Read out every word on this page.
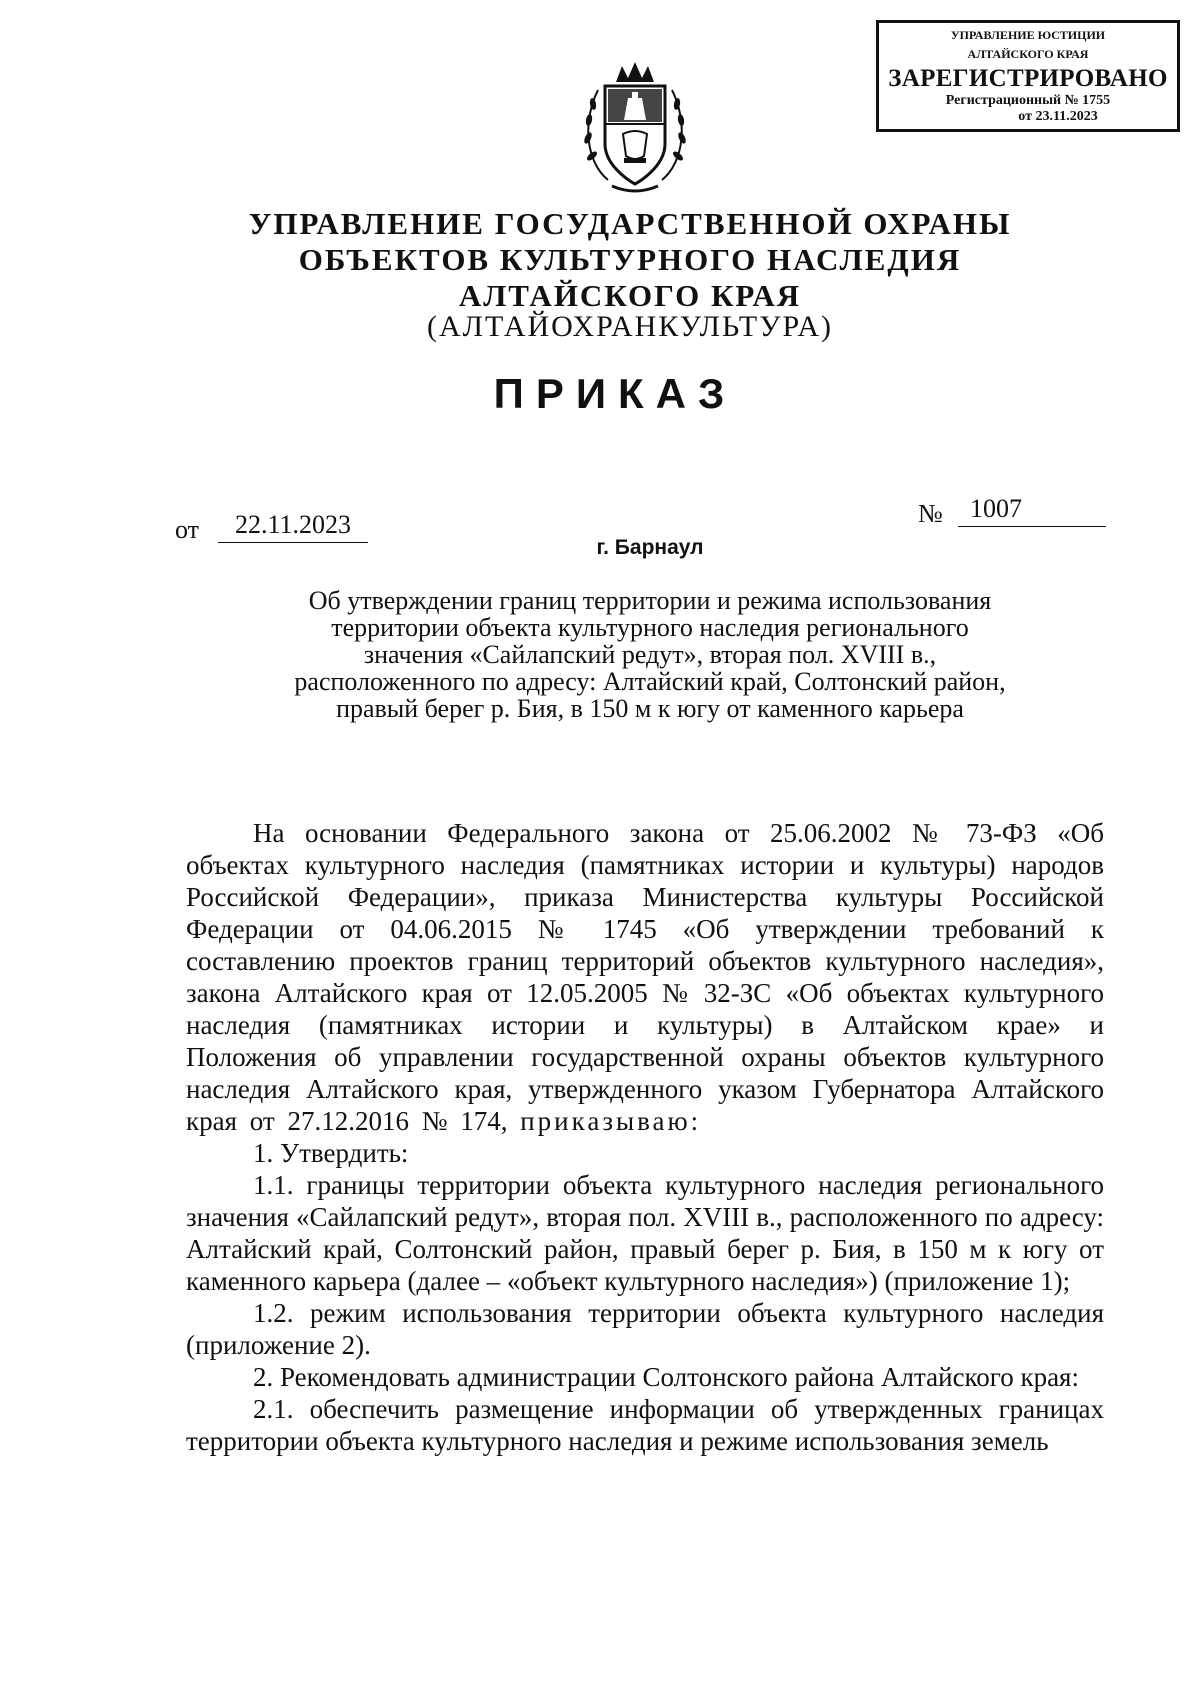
УПРАВЛЕНИЕ ЮСТИЦИИ
АЛТАЙСКОГО КРАЯ
ЗАРЕГИСТРИРОВАНО
Регистрационный № 1755
от 23.11.2023
УПРАВЛЕНИЕ ГОСУДАРСТВЕННОЙ ОХРАНЫ
ОБЪЕКТОВ КУЛЬТУРНОГО НАСЛЕДИЯ
АЛТАЙСКОГО КРАЯ
(АЛТАЙОХРАНКУЛЬТУРА)
ПРИКАЗ
от	22.11.2023	№	1007
г. Барнаул
Об утверждении границ территории и режима использования
территории объекта культурного наследия регионального
значения «Сайлапский редут», вторая пол. XVIII в.,
расположенного по адресу: Алтайский край, Солтонский район,
правый берег р. Бия, в 150 м к югу от каменного карьера

На основании Федерального закона от 25.06.2002 № 73-ФЗ «Об объектах культурного наследия (памятниках истории и культуры) народов Российской Федерации», приказа Министерства культуры Российской Федерации от 04.06.2015 № 1745 «Об утверждении требований к составлению проектов границ территорий объектов культурного наследия», закона Алтайского края от 12.05.2005 № 32-ЗС «Об объектах культурного наследия (памятниках истории и культуры) в Алтайском крае» и Положения об управлении государственной охраны объектов культурного наследия Алтайского края, утвержденного указом Губернатора Алтайского края от 27.12.2016 № 174, приказываю:

1. Утвердить:

1.1. границы территории объекта культурного наследия регионального значения «Сайлапский редут», вторая пол. XVIII в., расположенного по адресу: Алтайский край, Солтонский район, правый берег р. Бия, в 150 м к югу от каменного карьера (далее – «объект культурного наследия») (приложение 1);

1.2. режим использования территории объекта культурного наследия (приложение 2).

2. Рекомендовать администрации Солтонского района Алтайского края:

2.1. обеспечить размещение информации об утвержденных границах территории объекта культурного наследия и режиме использования земель
